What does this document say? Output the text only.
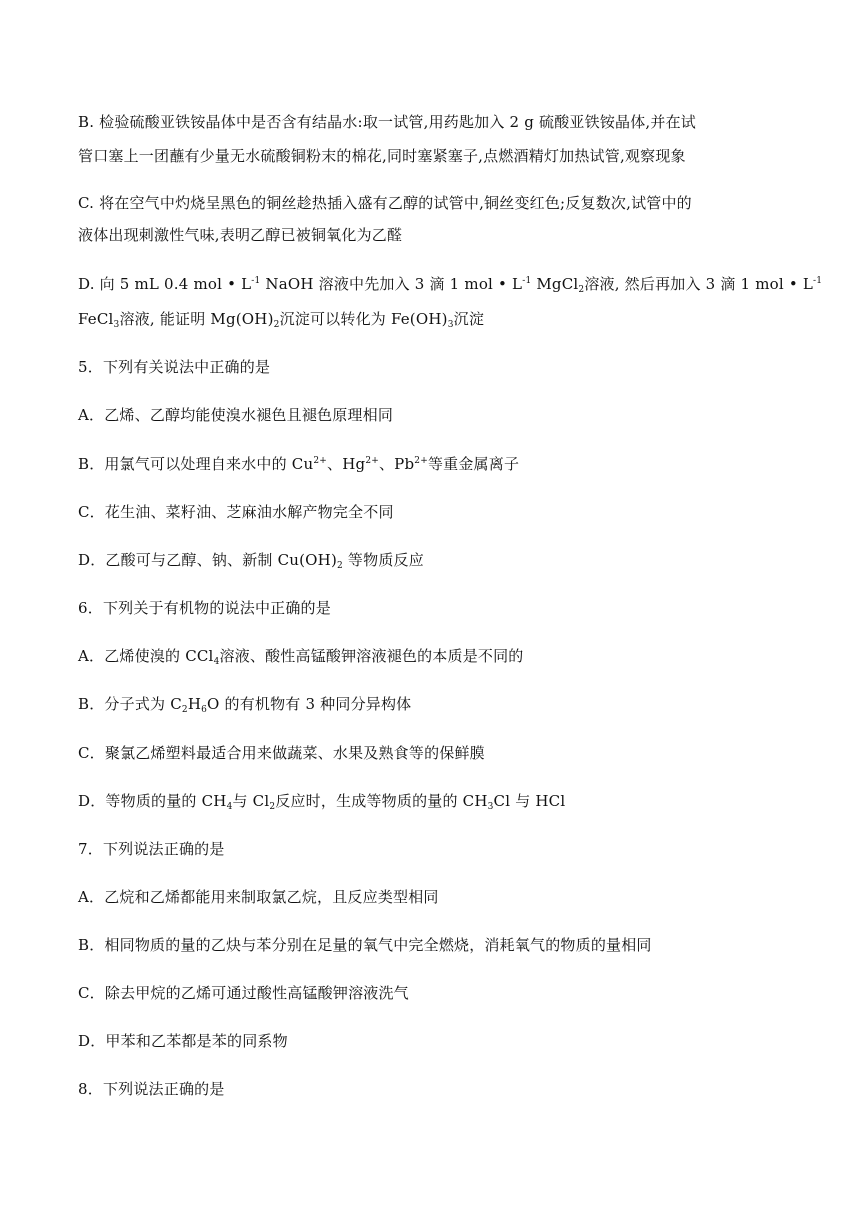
B. 检验硫酸亚铁铵晶体中是否含有结晶水:取一试管,用药匙加入 2 g 硫酸亚铁铵晶体,并在试
管口塞上一团蘸有少量无水硫酸铜粉末的棉花,同时塞紧塞子,点燃酒精灯加热试管,观察现象
C. 将在空气中灼烧呈黑色的铜丝趁热插入盛有乙醇的试管中,铜丝变红色;反复数次,试管中的
液体出现刺激性气味,表明乙醇已被铜氧化为乙醛
D. 向 5 mL 0.4 mol • $L^{-1}$ NaOH 溶液中先加入 3 滴 1 mol • $L^{-1}$ MgCl$_2$溶液, 然后再加入 3 滴 1 mol • $L^{-1}$
FeCl$_3$溶液, 能证明 $Mg(OH)_2$沉淀可以转化为 $Fe(OH)_3$沉淀
5．下列有关说法中正确的是
A．乙烯、乙醇均能使溴水褪色且褪色原理相同
B．用氯气可以处理自来水中的 $Cu^{2+}$、$Hg^{2+}$、$Pb^{2+}$等重金属离子
C．花生油、菜籽油、芝麻油水解产物完全不同
D．乙酸可与乙醇、钠、新制 $Cu(OH)_2$ 等物质反应
6．下列关于有机物的说法中正确的是
A．乙烯使溴的 CCl$_4$溶液、酸性高锰酸钾溶液褪色的本质是不同的
B．分子式为 $C_2H_6O$ 的有机物有 3 种同分异构体
C．聚氯乙烯塑料最适合用来做蔬菜、水果及熟食等的保鲜膜
D．等物质的量的 $CH_4$与 $Cl_2$反应时，生成等物质的量的 $CH_3Cl$ 与 HCl
7．下列说法正确的是
A．乙烷和乙烯都能用来制取氯乙烷，且反应类型相同
B．相同物质的量的乙炔与苯分别在足量的氧气中完全燃烧，消耗氧气的物质的量相同
C．除去甲烷的乙烯可通过酸性高锰酸钾溶液洗气
D．甲苯和乙苯都是苯的同系物
8．下列说法正确的是
